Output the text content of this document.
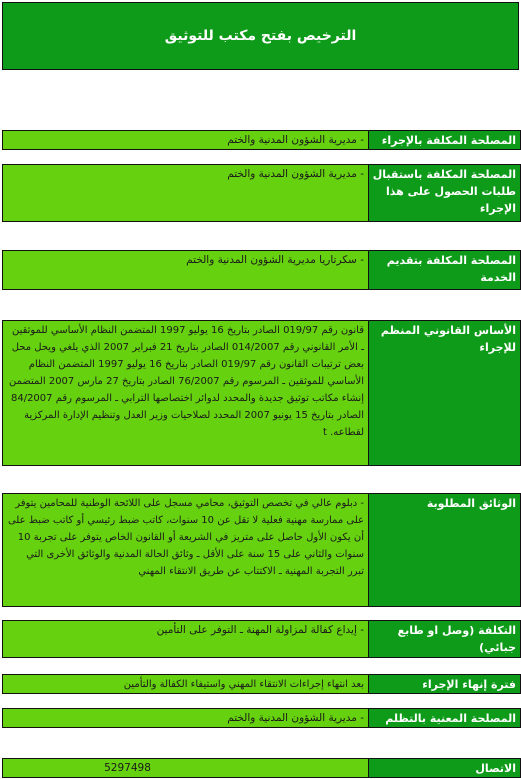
الترخيص بفتح مكتب للتوثيق
المصلحة المكلفة بالإجراء
- مديرية الشؤون المدنية والختم
المصلحة المكلفة باستقبال طلبات الحصول على هذا الإجراء
- مديرية الشؤون المدنية والختم
المصلحة المكلفة بتقديم الخدمة
- سكرتاريا مديرية الشؤون المدنية والختم
الأساس القانوني المنظم للإجراء
قانون رقم 019/97 الصادر بتاريخ 16 يوليو 1997 المتضمن النظام الأساسي للموثقين ـ الأمر القانوني رقم 014/2007 الصادر بتاريخ 21 فبراير 2007 الذي يلغي ويحل محل بعض ترتيبات القانون رقم 019/97 الصادر بتاريخ 16 يوليو 1997 المتضمن النظام الأساسي للموثقين ـ المرسوم رقم 76/2007 الصادر بتاريخ 27 مارس 2007 المتضمن إنشاء مكاتب توثيق جديدة والمحدد لدوائر اختصاصها الترابي ـ المرسوم رقم 84/2007 الصادر بتاريخ 15 يونيو 2007 المحدد لصلاحيات وزير العدل وتنظيم الإدارة المركزية لقطاعه. t
الوثائق المطلوبة
- دبلوم عالي في تخصص التوثيق، محامي مسجل على اللائحة الوطنية للمحامين يتوفر على ممارسة مهنية فعلية لا تقل عن 10 سنوات، كاتب ضبط رئيسي أو كاتب ضبط على أن يكون الأول حاصل على متريز في الشريعة أو القانون الخاص يتوفر على تجربة 10 سنوات والثاني على 15 سنة على الأقل ـ وثائق الحالة المدنية والوثائق الأخرى التي تبرر التجربة المهنية ـ الاكتتاب عن طريق الانتقاء المهني
التكلفة (وصل او طابع جبائي)
- إيداع كفالة لمزاولة المهنة ـ التوفر على التأمين
فترة إنهاء الإجراء
بعد انتهاء إجراءات الانتقاء المهني واستيفاء الكفالة والتأمين
المصلحة المعنية بالتظلم
- مديرية الشؤون المدنية والختم
الاتصال
5297498
